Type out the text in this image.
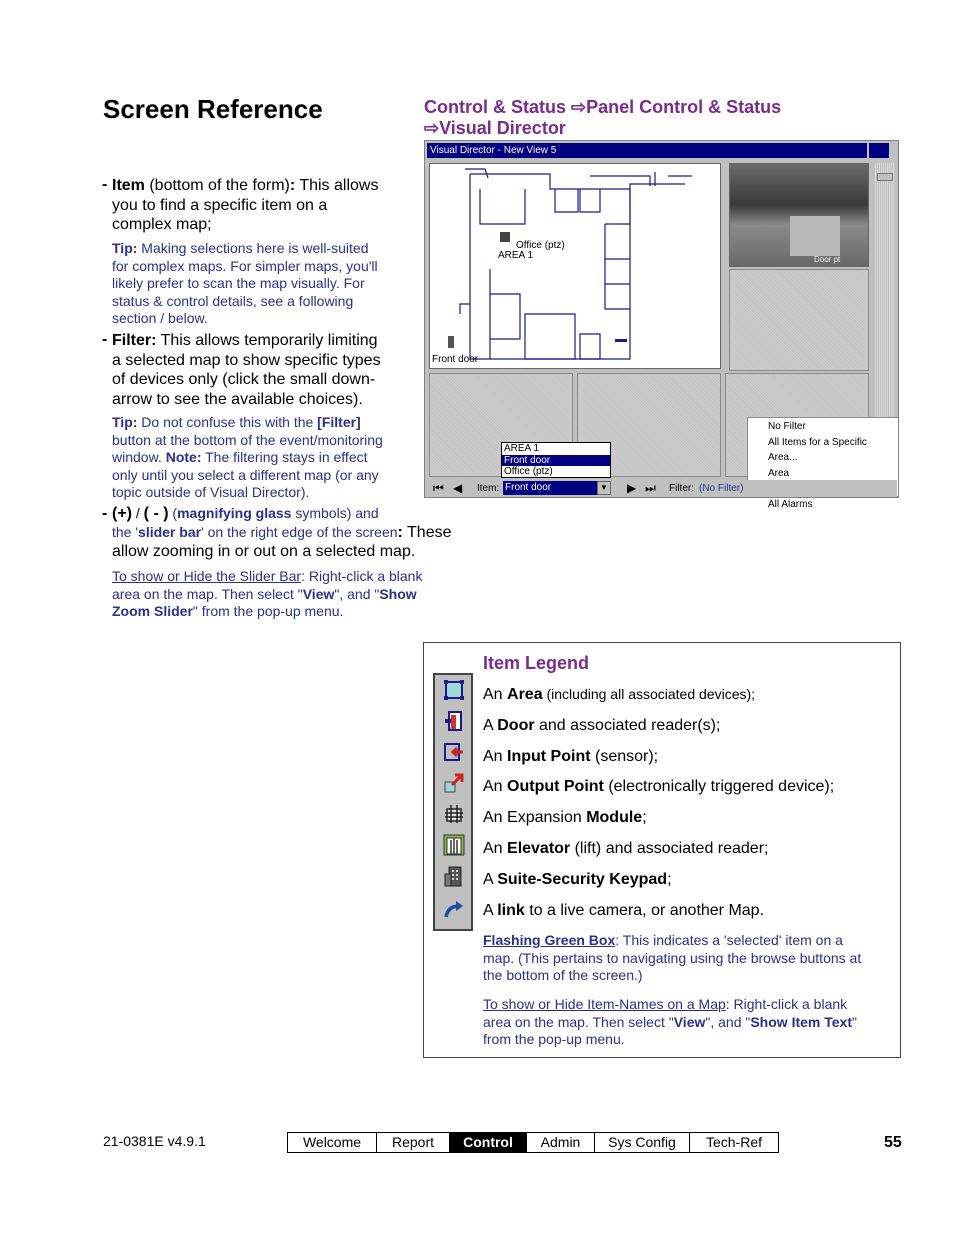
Screen Reference	Control & Status ⇨Panel Control & Status
⇨Visual Director
- Item (bottom of the form): This allows
you to find a specific item on a
complex map;
Tip: Making selections here is well-suited
for complex maps. For simpler maps, you'll
likely prefer to scan the map visually. For
status & control details, see a following
section / below.
- Filter: This allows temporarily limiting
a selected map to show specific types
of devices only (click the small down-
arrow to see the available choices).
Tip: Do not confuse this with the [Filter]
button at the bottom of the event/monitoring
window. Note: The filtering stays in effect
only until you select a different map (or any
topic outside of Visual Director).
- (+) / ( - ) (magnifying glass symbols) and
the 'slider bar' on the right edge of the screen: These
allow zooming in or out on a selected map.
To show or Hide the Slider Bar: Right-click a blank
area on the map. Then select "View", and "Show
Zoom Slider" from the pop-up menu.
Visual Director - New View 5
Office (ptz)
AREA 1
Front door
Door pt
AREA 1
Front door
Office (ptz)
No Filter
All Items for a Specific Area...
Area
All Alarms
⏮ ◀ Item: Front door	▼ ▶ ⏭ Filter: (No Filter)
Item Legend
An Area (including all associated devices);
A Door and associated reader(s);
An Input Point (sensor);
An Output Point (electronically triggered device);
An Expansion Module;
An Elevator (lift) and associated reader;
A Suite-Security Keypad;
A link to a live camera, or another Map.
Flashing Green Box: This indicates a 'selected' item on a
map. (This pertains to navigating using the browse buttons at
the bottom of the screen.)
To show or Hide Item-Names on a Map: Right-click a blank
area on the map. Then select "View", and "Show Item Text"
from the pop-up menu.
21-0381E v4.9.1	Welcome	Report	Control	Admin	Sys Config	Tech-Ref	55
